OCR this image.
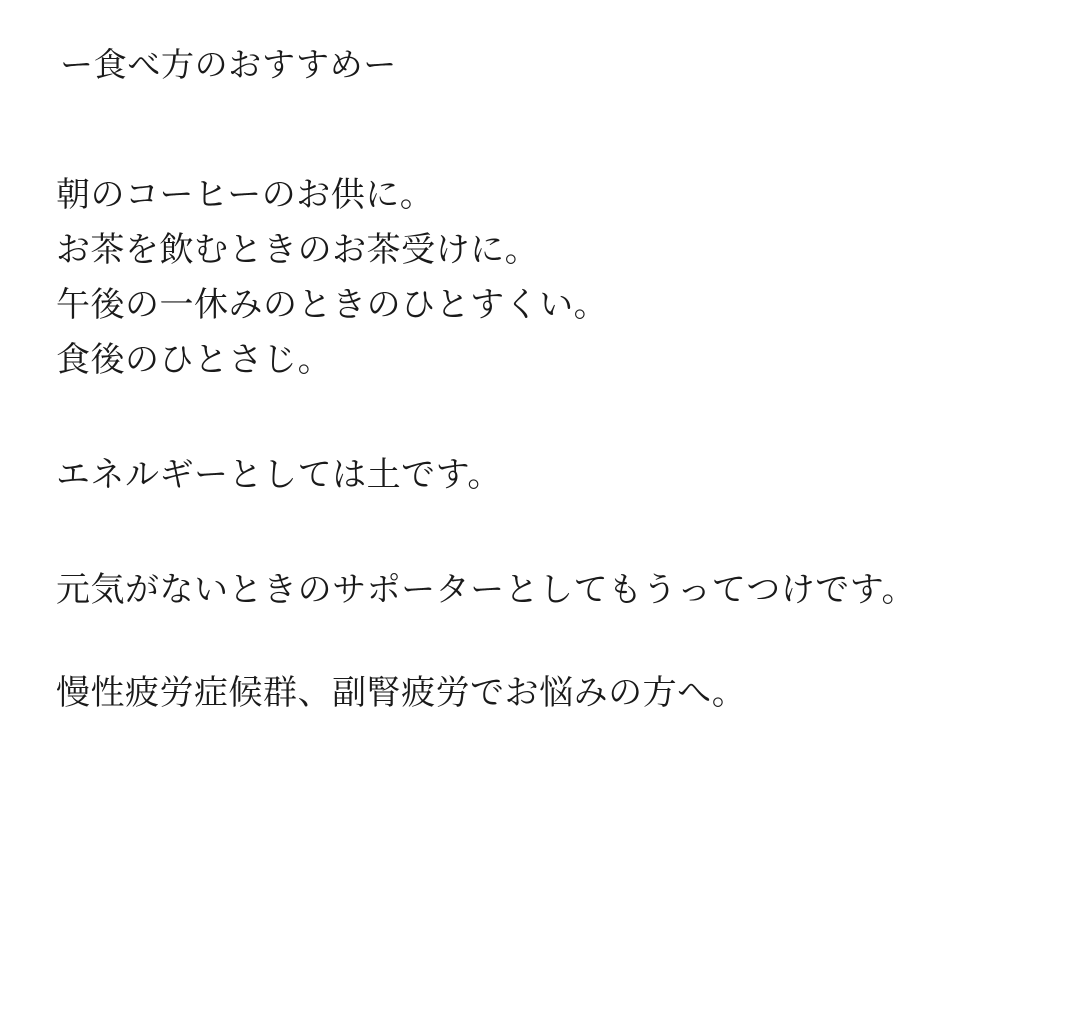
ー食べ方のおすすめー
朝のコーヒーのお供に。
お茶を飲むときのお茶受けに。
午後の一休みのときのひとすくい。
食後のひとさじ。
エネルギーとしては土です。
元気がないときのサポーターとしてもうってつけです。
慢性疲労症候群、副腎疲労でお悩みの方へ。
